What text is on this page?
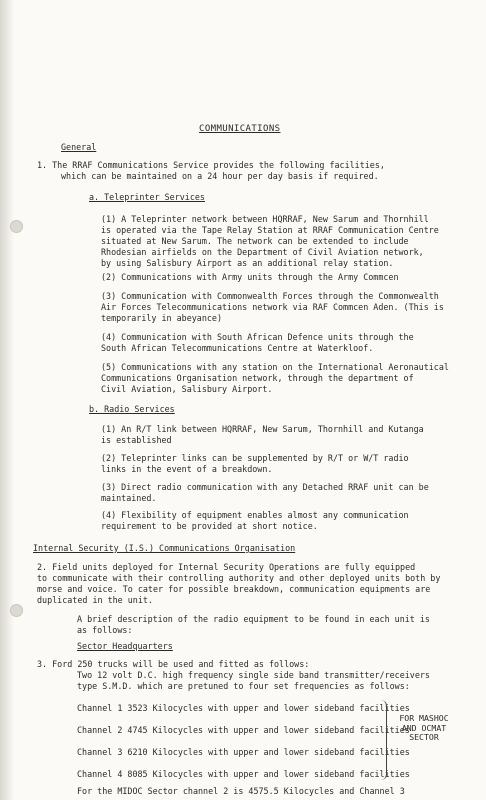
COMMUNICATIONS
General
1. The RRAF Communications Service provides the following facilities,
which can be maintained on a 24 hour per day basis if required.
a. Teleprinter Services
(1) A Teleprinter network between HQRRAF, New Sarum and Thornhill
is operated via the Tape Relay Station at RRAF Communication Centre
situated at New Sarum. The network can be extended to include
Rhodesian airfields on the Department of Civil Aviation network,
by using Salisbury Airport as an additional relay station.
(2) Communications with Army units through the Army Commcen
(3) Communication with Commonwealth Forces through the Commonwealth
Air Forces Telecommunications network via RAF Commcen Aden. (This is
temporarily in abeyance)
(4) Communication with South African Defence units through the
South African Telecommunications Centre at Waterkloof.
(5) Communications with any station on the International Aeronautical
Communications Organisation network, through the department of
Civil Aviation, Salisbury Airport.
b. Radio Services
(1) An R/T link between HQRRAF, New Sarum, Thornhill and Kutanga
is established
(2) Teleprinter links can be supplemented by R/T or W/T radio
links in the event of a breakdown.
(3) Direct radio communication with any Detached RRAF unit can be
maintained.
(4) Flexibility of equipment enables almost any communication
requirement to be provided at short notice.
Internal Security (I.S.) Communications Organisation
2. Field units deployed for Internal Security Operations are fully equipped
to communicate with their controlling authority and other deployed units both by
morse and voice. To cater for possible breakdown, communication equipments are
duplicated in the unit.
A brief description of the radio equipment to be found in each unit is
as follows:
Sector Headquarters
3. Ford 250 trucks will be used and fitted as follows:
Two 12 volt D.C. high frequency single side band transmitter/receivers
type S.M.D. which are pretuned to four set frequencies as follows:
Channel 1 3523 Kilocycles with upper and lower sideband facilities
Channel 2 4745 Kilocycles with upper and lower sideband facilities
Channel 3 6210 Kilocycles with upper and lower sideband facilities
Channel 4 8085 Kilocycles with upper and lower sideband facilities
FOR MASHOC AND OCMAT SECTOR
For the MIDOC Sector channel 2 is 4575.5 Kilocycles and Channel 3
